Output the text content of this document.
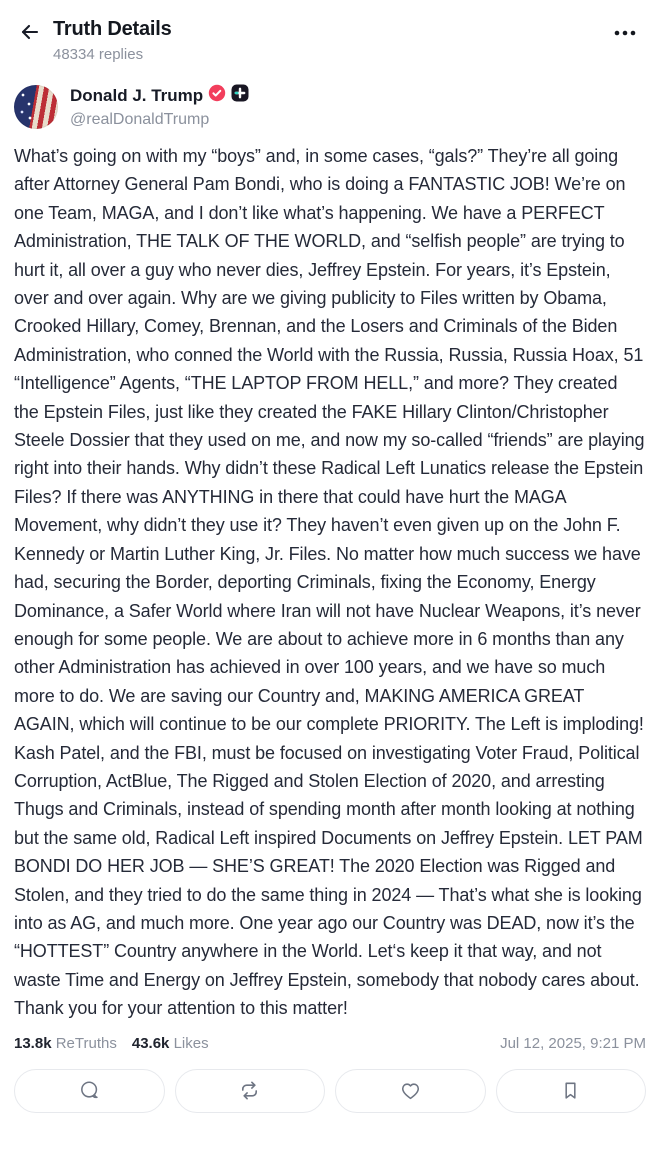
Truth Details
48334 replies
Donald J. Trump
@realDonaldTrump
What’s going on with my “boys” and, in some cases, “gals?” They’re all going after Attorney General Pam Bondi, who is doing a FANTASTIC JOB! We’re on one Team, MAGA, and I don’t like what’s happening. We have a PERFECT Administration, THE TALK OF THE WORLD, and “selfish people” are trying to hurt it, all over a guy who never dies, Jeffrey Epstein. For years, it’s Epstein, over and over again. Why are we giving publicity to Files written by Obama, Crooked Hillary, Comey, Brennan, and the Losers and Criminals of the Biden Administration, who conned the World with the Russia, Russia, Russia Hoax, 51 “Intelligence” Agents, “THE LAPTOP FROM HELL,” and more? They created the Epstein Files, just like they created the FAKE Hillary Clinton/Christopher Steele Dossier that they used on me, and now my so-called “friends” are playing right into their hands. Why didn’t these Radical Left Lunatics release the Epstein Files? If there was ANYTHING in there that could have hurt the MAGA Movement, why didn’t they use it? They haven’t even given up on the John F. Kennedy or Martin Luther King, Jr. Files. No matter how much success we have had, securing the Border, deporting Criminals, fixing the Economy, Energy Dominance, a Safer World where Iran will not have Nuclear Weapons, it’s never enough for some people. We are about to achieve more in 6 months than any other Administration has achieved in over 100 years, and we have so much more to do. We are saving our Country and, MAKING AMERICA GREAT AGAIN, which will continue to be our complete PRIORITY. The Left is imploding! Kash Patel, and the FBI, must be focused on investigating Voter Fraud, Political Corruption, ActBlue, The Rigged and Stolen Election of 2020, and arresting Thugs and Criminals, instead of spending month after month looking at nothing but the same old, Radical Left inspired Documents on Jeffrey Epstein. LET PAM BONDI DO HER JOB — SHE’S GREAT! The 2020 Election was Rigged and Stolen, and they tried to do the same thing in 2024 — That’s what she is looking into as AG, and much more. One year ago our Country was DEAD, now it’s the “HOTTEST” Country anywhere in the World. Let‘s keep it that way, and not waste Time and Energy on Jeffrey Epstein, somebody that nobody cares about. Thank you for your attention to this matter!
13.8k ReTruths 43.6k Likes	Jul 12, 2025, 9:21 PM
